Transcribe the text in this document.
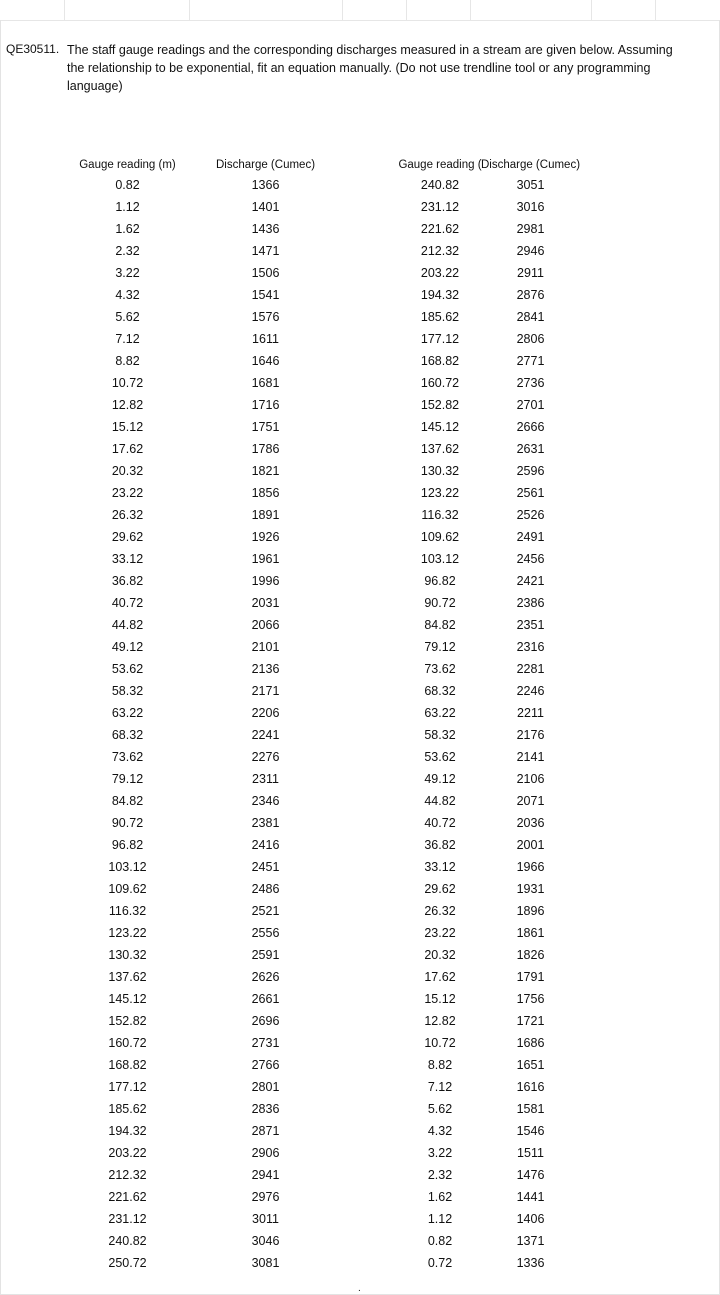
QE30511. The staff gauge readings and the corresponding discharges measured in a stream are given below. Assuming the relationship to be exponential, fit an equation manually. (Do not use trendline tool or any programming language)
Gauge reading (m)
0.82
1.12
1.62
2.32
3.22
4.32
5.62
7.12
8.82
10.72
12.82
15.12
17.62
20.32
23.22
26.32
29.62
33.12
36.82
40.72
44.82
49.12
53.62
58.32
63.22
68.32
73.62
79.12
84.82
90.72
96.82
103.12
109.62
116.32
123.22
130.32
137.62
145.12
152.82
160.72
168.82
177.12
185.62
194.32
203.22
212.32
221.62
231.12
240.82
250.72
Discharge (Cumec)
1366
1401
1436
1471
1506
1541
1576
1611
1646
1681
1716
1751
1786
1821
1856
1891
1926
1961
1996
2031
2066
2101
2136
2171
2206
2241
2276
2311
2346
2381
2416
2451
2486
2521
2556
2591
2626
2661
2696
2731
2766
2801
2836
2871
2906
2941
2976
3011
3046
3081
Gauge reading (
240.82
231.12
221.62
212.32
203.22
194.32
185.62
177.12
168.82
160.72
152.82
145.12
137.62
130.32
123.22
116.32
109.62
103.12
96.82
90.72
84.82
79.12
73.62
68.32
63.22
58.32
53.62
49.12
44.82
40.72
36.82
33.12
29.62
26.32
23.22
20.32
17.62
15.12
12.82
10.72
8.82
7.12
5.62
4.32
3.22
2.32
1.62
1.12
0.82
0.72
Discharge (Cumec)
3051
3016
2981
2946
2911
2876
2841
2806
2771
2736
2701
2666
2631
2596
2561
2526
2491
2456
2421
2386
2351
2316
2281
2246
2211
2176
2141
2106
2071
2036
2001
1966
1931
1896
1861
1826
1791
1756
1721
1686
1651
1616
1581
1546
1511
1476
1441
1406
1371
1336
.
